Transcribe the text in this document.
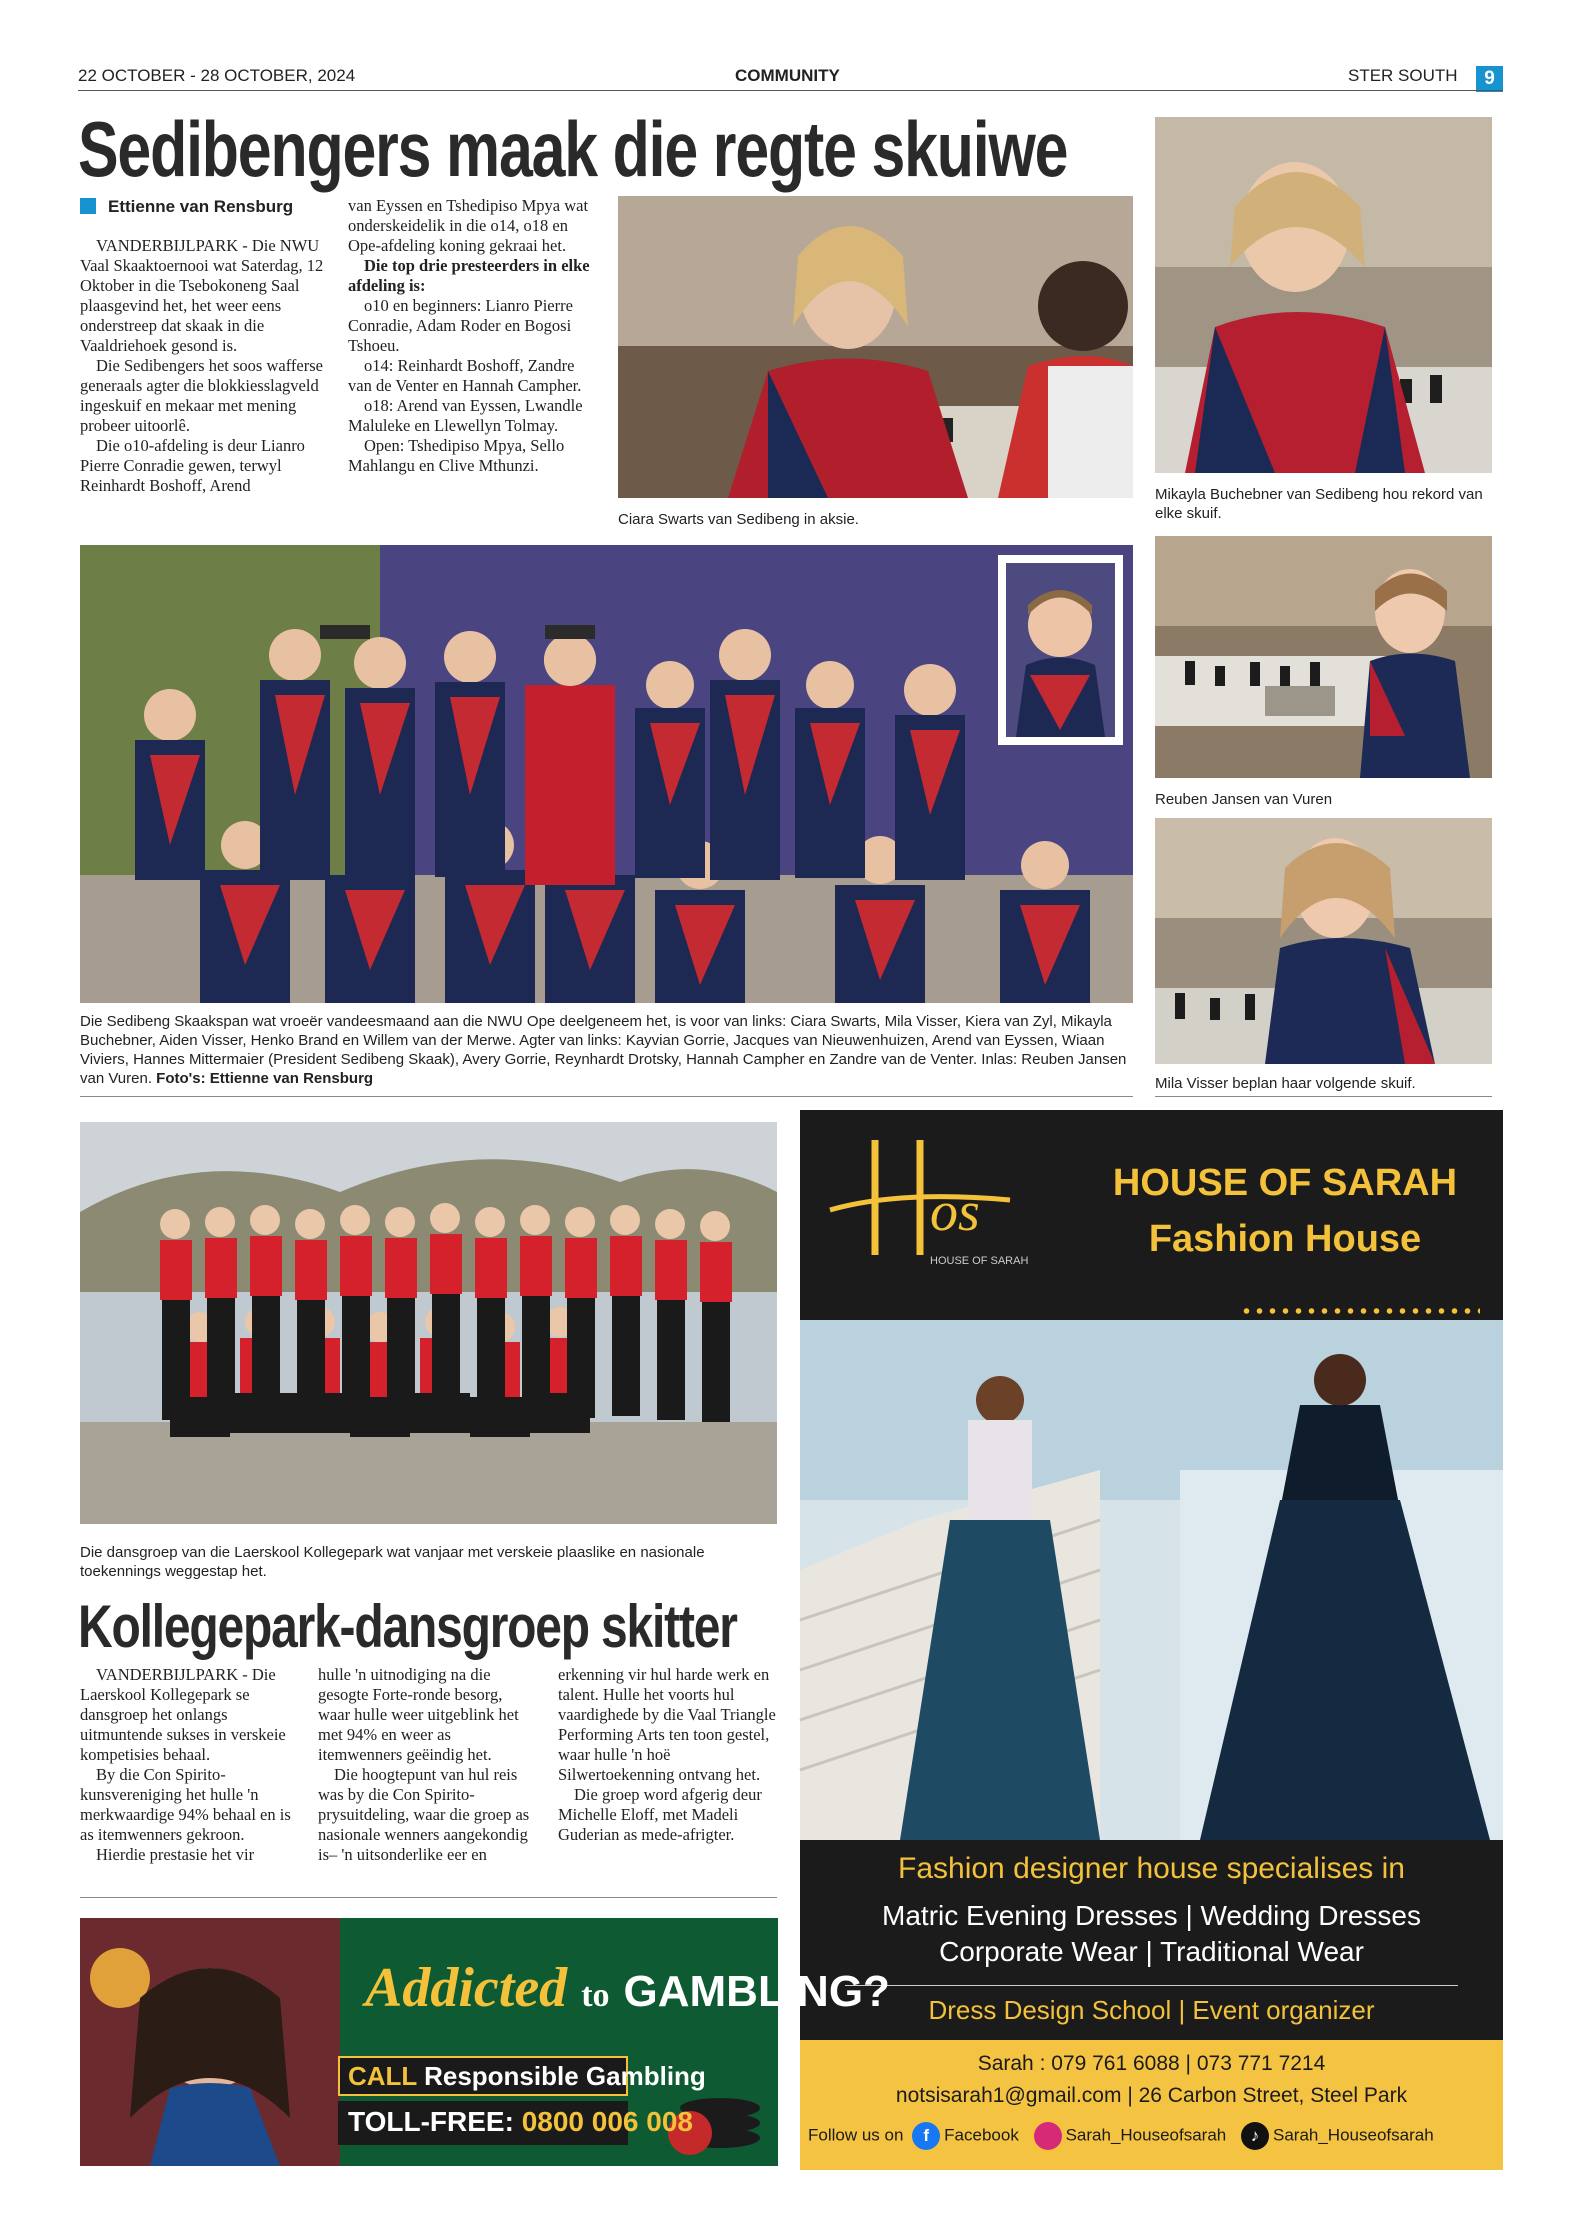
22 OCTOBER - 28 OCTOBER, 2024	COMMUNITY	STER SOUTH	9
Sedibengers maak die regte skuiwe
Ettienne van Rensburg

VANDERBIJLPARK - Die NWU Vaal Skaaktoernooi wat Saterdag, 12 Oktober in die Tsebokoneng Saal plaasgevind het, het weer eens onderstreep dat skaak in die Vaaldriehoek gesond is.

Die Sedibengers het soos wafferse generaals agter die blokkiesslagveld ingeskuif en mekaar met mening probeer uitoorlê.

Die o10-afdeling is deur Lianro Pierre Conradie gewen, terwyl Reinhardt Boshoff, Arend

van Eyssen en Tshedipiso Mpya wat onderskeidelik in die o14, o18 en Ope-afdeling koning gekraai het.

Die top drie presteerders in elke afdeling is:

o10 en beginners: Lianro Pierre Conradie, Adam Roder en Bogosi Tshoeu.

o14: Reinhardt Boshoff, Zandre van de Venter en Hannah Campher.

o18: Arend van Eyssen, Lwandle Maluleke en Llewellyn Tolmay.

Open: Tshedipiso Mpya, Sello Mahlangu en Clive Mthunzi.

Ciara Swarts van Sedibeng in aksie.
Mikayla Buchebner van Sedibeng hou rekord van elke skuif.
Reuben Jansen van Vuren
Mila Visser beplan haar volgende skuif.
Die Sedibeng Skaakspan wat vroeër vandeesmaand aan die NWU Ope deelgeneem het, is voor van links: Ciara Swarts, Mila Visser, Kiera van Zyl, Mikayla Buchebner, Aiden Visser, Henko Brand en Willem van der Merwe. Agter van links: Kayvian Gorrie, Jacques van Nieuwenhuizen, Arend van Eyssen, Wiaan Viviers, Hannes Mittermaier (President Sedibeng Skaak), Avery Gorrie, Reynhardt Drotsky, Hannah Campher en Zandre van de Venter. Inlas: Reuben Jansen van Vuren. Foto's: Ettienne van Rensburg
Die dansgroep van die Laerskool Kollegepark wat vanjaar met verskeie plaaslike en nasionale toekennings weggestap het.
Kollegepark-dansgroep skitter

VANDERBIJLPARK - Die Laerskool Kollegepark se dansgroep het onlangs uitmuntende sukses in verskeie kompetisies behaal.

By die Con Spirito-kunsvereniging het hulle 'n merkwaardige 94% behaal en is as itemwenners gekroon.

Hierdie prestasie het vir

hulle 'n uitnodiging na die gesogte Forte-ronde besorg, waar hulle weer uitgeblink het met 94% en weer as itemwenners geëindig het.

Die hoogtepunt van hul reis was by die Con Spirito-prysuitdeling, waar die groep as nasionale wenners aangekondig is– 'n uitsonderlike eer en

erkenning vir hul harde werk en talent. Hulle het voorts hul vaardighede by die Vaal Triangle Performing Arts ten toon gestel, waar hulle 'n hoë Silwertoekenning ontvang het.

Die groep word afgerig deur Michelle Eloff, met Madeli Guderian as mede-afrigter.

os
HOUSE OF SARAH
HOUSE OF SARAH
Fashion House
Fashion designer house specialises in
Matric Evening Dresses | Wedding Dresses
Corporate Wear | Traditional Wear
Dress Design School | Event organizer
Sarah : 079 761 6088 | 073 771 7214
notsisarah1@gmail.com | 26 Carbon Street, Steel Park
Follow us on f Facebook	Sarah_Houseofsarah ♪ Sarah_Houseofsarah
Addicted to GAMBLING?
CALL Responsible Gambling
TOLL-FREE: 0800 006 008
